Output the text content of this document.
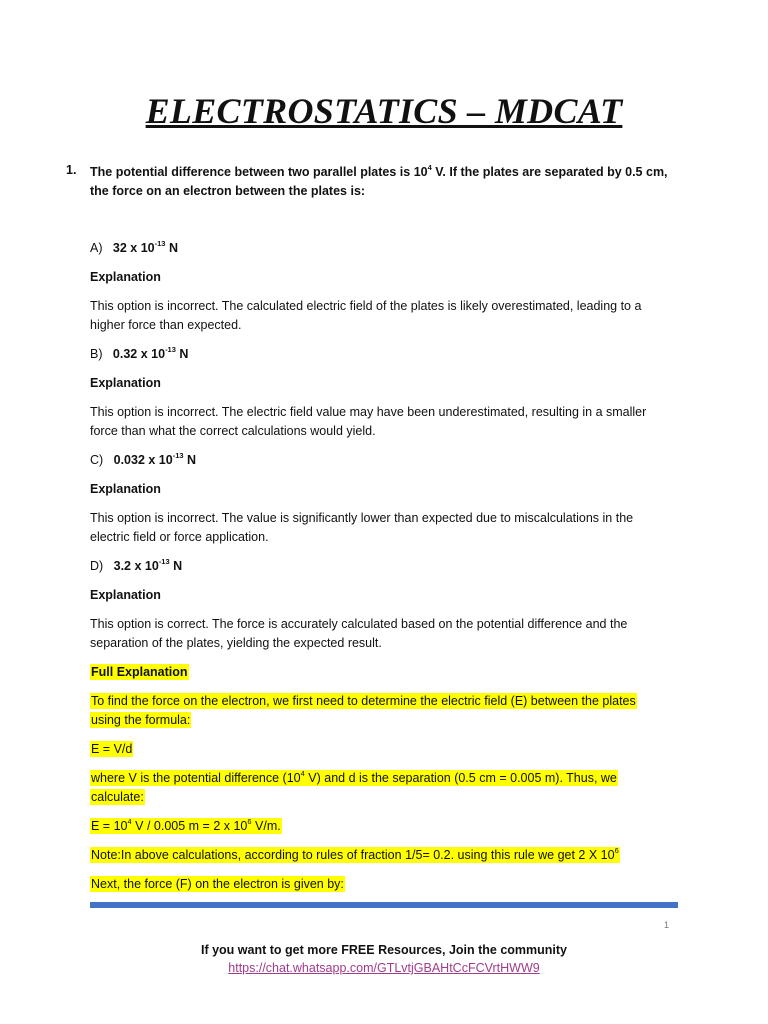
ELECTROSTATICS – MDCAT
1. The potential difference between two parallel plates is $10^4$ V. If the plates are separated by 0.5 cm,
the force on an electron between the plates is:
A) 32 x $10^{-13}$ N
Explanation
This option is incorrect. The calculated electric field of the plates is likely overestimated, leading to a
higher force than expected.
B) 0.32 x $10^{-13}$ N
Explanation
This option is incorrect. The electric field value may have been underestimated, resulting in a smaller
force than what the correct calculations would yield.
C) 0.032 x $10^{-13}$ N
Explanation
This option is incorrect. The value is significantly lower than expected due to miscalculations in the
electric field or force application.
D) 3.2 x $10^{-13}$ N
Explanation
This option is correct. The force is accurately calculated based on the potential difference and the
separation of the plates, yielding the expected result.
Full Explanation
To find the force on the electron, we first need to determine the electric field (E) between the plates
using the formula:
E = V/d
where V is the potential difference ($10^4$ V) and d is the separation (0.5 cm = 0.005 m). Thus, we
calculate:
$E = 10^4$ V / 0.005 m = 2 x $10^6$ V/m.
Note:In above calculations, according to rules of fraction 1/5= 0.2. using this rule we get 2 X $10^6$
Next, the force (F) on the electron is given by:
1
If you want to get more FREE Resources, Join the community
https://chat.whatsapp.com/GTLvtjGBAHtCcFCVrtHWW9
